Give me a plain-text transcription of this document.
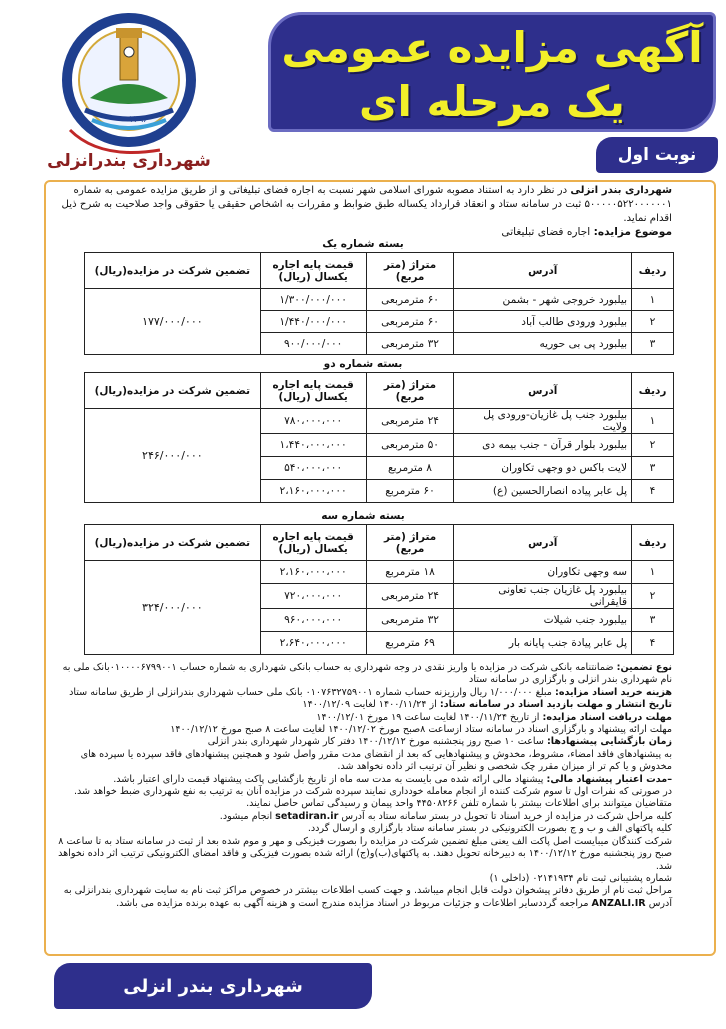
۱۳۹۶
شهرداری بندرانزلی
آگهی مزایده عمومی
یک مرحله ای
نوبت اول
شهرداری بندر انزلی در نظر دارد به استناد مصوبه شورای اسلامی شهر نسبت به اجاره فضای تبلیغاتی و از طریق مزایده عمومی به شماره ۵۰۰۰۰۰۵۲۲۰۰۰۰۰۰۱ ثبت در سامانه ستاد و انعقاد قرارداد یکساله طبق ضوابط و مقررات به اشخاص حقیقی یا حقوقی واجد صلاحیت به شرح ذیل اقدام نماید.
موضوع مزایده: اجاره فضای تبلیغاتی
بسته شماره یک
ردیف	آدرس	متراژ (متر مربع)	قیمت پایه اجاره یکسال (ریال)	تضمین شرکت در مزایده(ریال)
۱	بیلبورد خروجی شهر - بشمن	۶۰ مترمربعی	۱/۳۰۰/۰۰۰/۰۰۰	۱۷۷/۰۰۰/۰۰۰
۲	بیلبورد ورودی طالب آباد	۶۰ مترمربعی	۱/۴۴۰/۰۰۰/۰۰۰	
۳	بیلبورد پی بی حوریه	۳۲ مترمربعی	۹۰۰/۰۰۰/۰۰۰	
بسته شماره دو
ردیف	آدرس	متراژ (متر مربع)	قیمت پایه اجاره یکسال (ریال)	تضمین شرکت در مزایده(ریال)
۱	بیلبورد جنب پل غازیان-ورودی پل ولایت	۲۴ مترمربعی	۷۸۰،۰۰۰،۰۰۰	۲۴۶/۰۰۰/۰۰۰
۲	بیلبورد بلوار قرآن - جنب بیمه دی	۵۰ مترمربعی	۱،۴۴۰،۰۰۰،۰۰۰	
۳	لایت باکس دو وجهی تکاوران	۸ مترمربع	۵۴۰،۰۰۰،۰۰۰	
۴	پل عابر پیاده انصارالحسین (ع)	۶۰ مترمربع	۲،۱۶۰،۰۰۰،۰۰۰	
بسته شماره سه
ردیف	آدرس	متراژ (متر مربع)	قیمت پایه اجاره یکسال (ریال)	تضمین شرکت در مزایده(ریال)
۱	سه وجهی تکاوران	۱۸ مترمربع	۲،۱۶۰،۰۰۰،۰۰۰	۳۲۴/۰۰۰/۰۰۰
۲	بیلبورد پل غازیان جنب تعاونی قایقرانی	۲۴ مترمربعی	۷۲۰،۰۰۰،۰۰۰	
۳	بیلبورد جنب شیلات	۳۲ مترمربعی	۹۶۰،۰۰۰،۰۰۰	
۴	پل عابر پیادة جنب پایانه بار	۶۹ مترمربع	۲،۶۴۰،۰۰۰،۰۰۰	

نوع تضمین: ضمانتنامه بانکی شرکت در مزایده یا واریز نقدی در وجه شهرداری به حساب بانکی شهرداری به شماره حساب ۰۱۰۰۰۰۶۷۹۹۰۰۱بانک ملی به نام شهرداری بندر انزلی و بارگزاری در سامانه ستاد

هزینه خرید اسناد مزایده: مبلغ ۱/۰۰۰/۰۰۰ ریال وارزیزنه حساب شماره ۰۱۰۷۶۳۲۷۵۹۰۰۱ بانک ملی حساب شهرداری بندرانزلی از طریق سامانه ستاد

تاریخ انتشار و مهلت بازدید اسناد در سامانه ستاد: از ۱۴۰۰/۱۱/۲۴ لغایت ۱۴۰۰/۱۲/۰۹

مهلت دریافت اسناد مزایده: از تاریخ ۱۴۰۰/۱۱/۲۴ لغایت ساعت ۱۹ مورخ ۱۴۰۰/۱۲/۰۱

مهلت ارائه پیشنهاد و بارگزاری اسناد در سامانه ستاد ازساعت ۸صبح مورخ ۱۴۰۰/۱۲/۰۲ لغایت ساعت ۸ صبح مورخ ۱۴۰۰/۱۲/۱۲

زمان بازگشایی پیشنهادها: ساعت ۱۰ صبح روز پنجشنبه مورخ ۱۴۰۰/۱۲/۱۲ دفتر کار شهردار شهرداری بندر انزلی

به پیشنهادهای فاقد امضاء، مشروط، مخدوش و پیشنهادهایی که بعد از انقضای مدت مقرر واصل شود و همچنین پیشنهادهای فاقد سپرده یا سپرده های مخدوش و یا کم تر از میزان مقرر چک شخصی و نظیر آن ترتیب اثر داده نخواهد شد.

–مدت اعتبار پیشنهاد مالی: پیشنهاد مالی ارائه شده می بایست به مدت سه ماه از تاریخ بازگشایی پاکت پیشنهاد قیمت دارای اعتبار باشد.

در صورتی که نفرات اول تا سوم شرکت کننده از انجام معامله خودداری نمایند سپرده شرکت در مزایده آنان به ترتیب به نفع شهرداری ضبط خواهد شد.

متقاضیان میتوانند برای اطلاعات بیشتر با شماره تلفن ۴۴۵۰۸۲۶۶ واحد پیمان و رسیدگی تماس حاصل نمایند.

کلیه مراحل شرکت در مزایده از خرید اسناد تا تحویل در بستر سامانه ستاد به آدرس setadiran.ir انجام میشود.

کلیه پاکتهای الف و ب و ج بصورت الکترونیکی در بستر سامانه ستاد بارگزاری و ارسال گردد.

شرکت کنندگان میبایست اصل پاکت الف یعنی مبلغ تضمین شرکت در مزایده را بصورت فیزیکی و مهر و موم شده بعد از ثبت در سامانه ستاد به تا ساعت ۸ صبح روز پنجشنبه مورخ ۱۴۰۰/۱۲/۱۲ به دبیرخانه تحویل دهند. به پاکتهای(ب)و(ج) ارائه شده بصورت فیزیکی و فاقد امضای الکترونیکی ترتیب اثر داده نخواهد شد.

شماره پشتیبانی ثبت نام ۰۲۱۴۱۹۳۴ (داخلی ۱)

مراحل ثبت نام از طریق دفاتر پیشخوان دولت قابل انجام میباشد. و جهت کسب اطلاعات بیشتر در خصوص مراکز ثبت نام به سایت شهرداری بندرانزلی به آدرس ANZALI.IR مراجعه گرددسایر اطلاعات و جزئیات مربوط در اسناد مزایده مندرج است و هزینه آگهی به عهده برنده مزایده می باشد.

شهرداری بندر انزلی
